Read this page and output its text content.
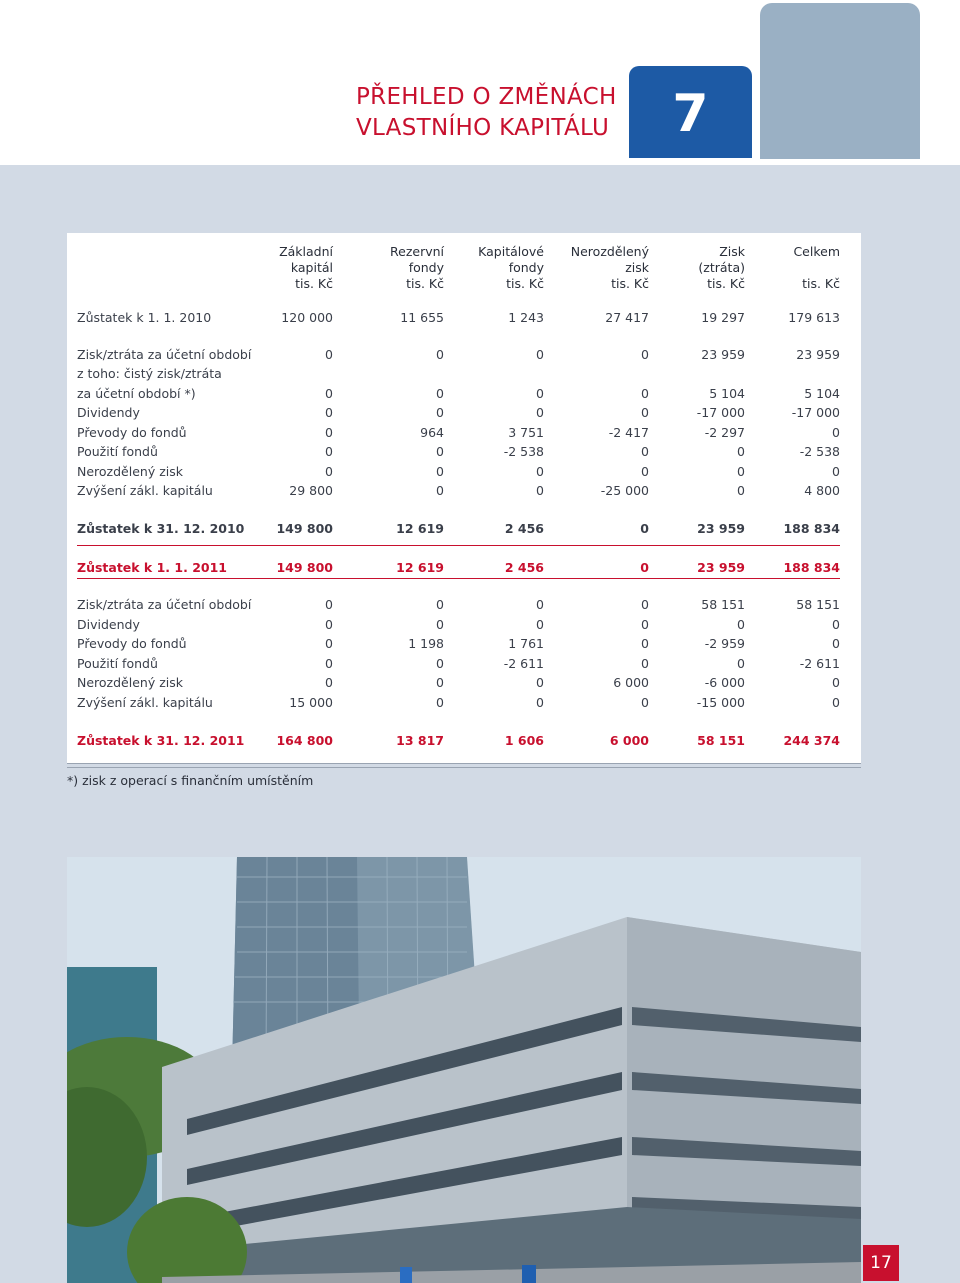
PŘEHLED O ZMĚNÁCH
VLASTNÍHO KAPITÁLU	7
Základní
kapitál
tis. Kč
Rezervní
fondy
tis. Kč
Kapitálové
fondy
tis. Kč
Nerozdělený
zisk
tis. Kč
Zisk
(ztráta)
tis. Kč
Celkem

tis. Kč
Zůstatek k 1. 1. 2010	120 000	11 655	1 243	27 417	19 297	179 613
Zisk/ztráta za účetní období	0	0	0	0	23 959	23 959
z toho: čistý zisk/ztráta
za účetní období *)	0	0	0	0	5 104	5 104
Dividendy	0	0	0	0	-17 000	-17 000
Převody do fondů	0	964	3 751	-2 417	-2 297	0
Použití fondů	0	0	-2 538	0	0	-2 538
Nerozdělený zisk	0	0	0	0	0	0
Zvýšení zákl. kapitálu	29 800	0	0	-25 000	0	4 800
Zůstatek k 31. 12. 2010	149 800	12 619	2 456	0	23 959	188 834
Zůstatek k 1. 1. 2011	149 800	12 619	2 456	0	23 959	188 834
Zisk/ztráta za účetní období	0	0	0	0	58 151	58 151
Dividendy	0	0	0	0	0	0
Převody do fondů	0	1 198	1 761	0	-2 959	0
Použití fondů	0	0	-2 611	0	0	-2 611
Nerozdělený zisk	0	0	0	6 000	-6 000	0
Zvýšení zákl. kapitálu	15 000	0	0	0	-15 000	0
Zůstatek k 31. 12. 2011	164 800	13 817	1 606	6 000	58 151	244 374
*) zisk z operací s finančním umístěním
17
